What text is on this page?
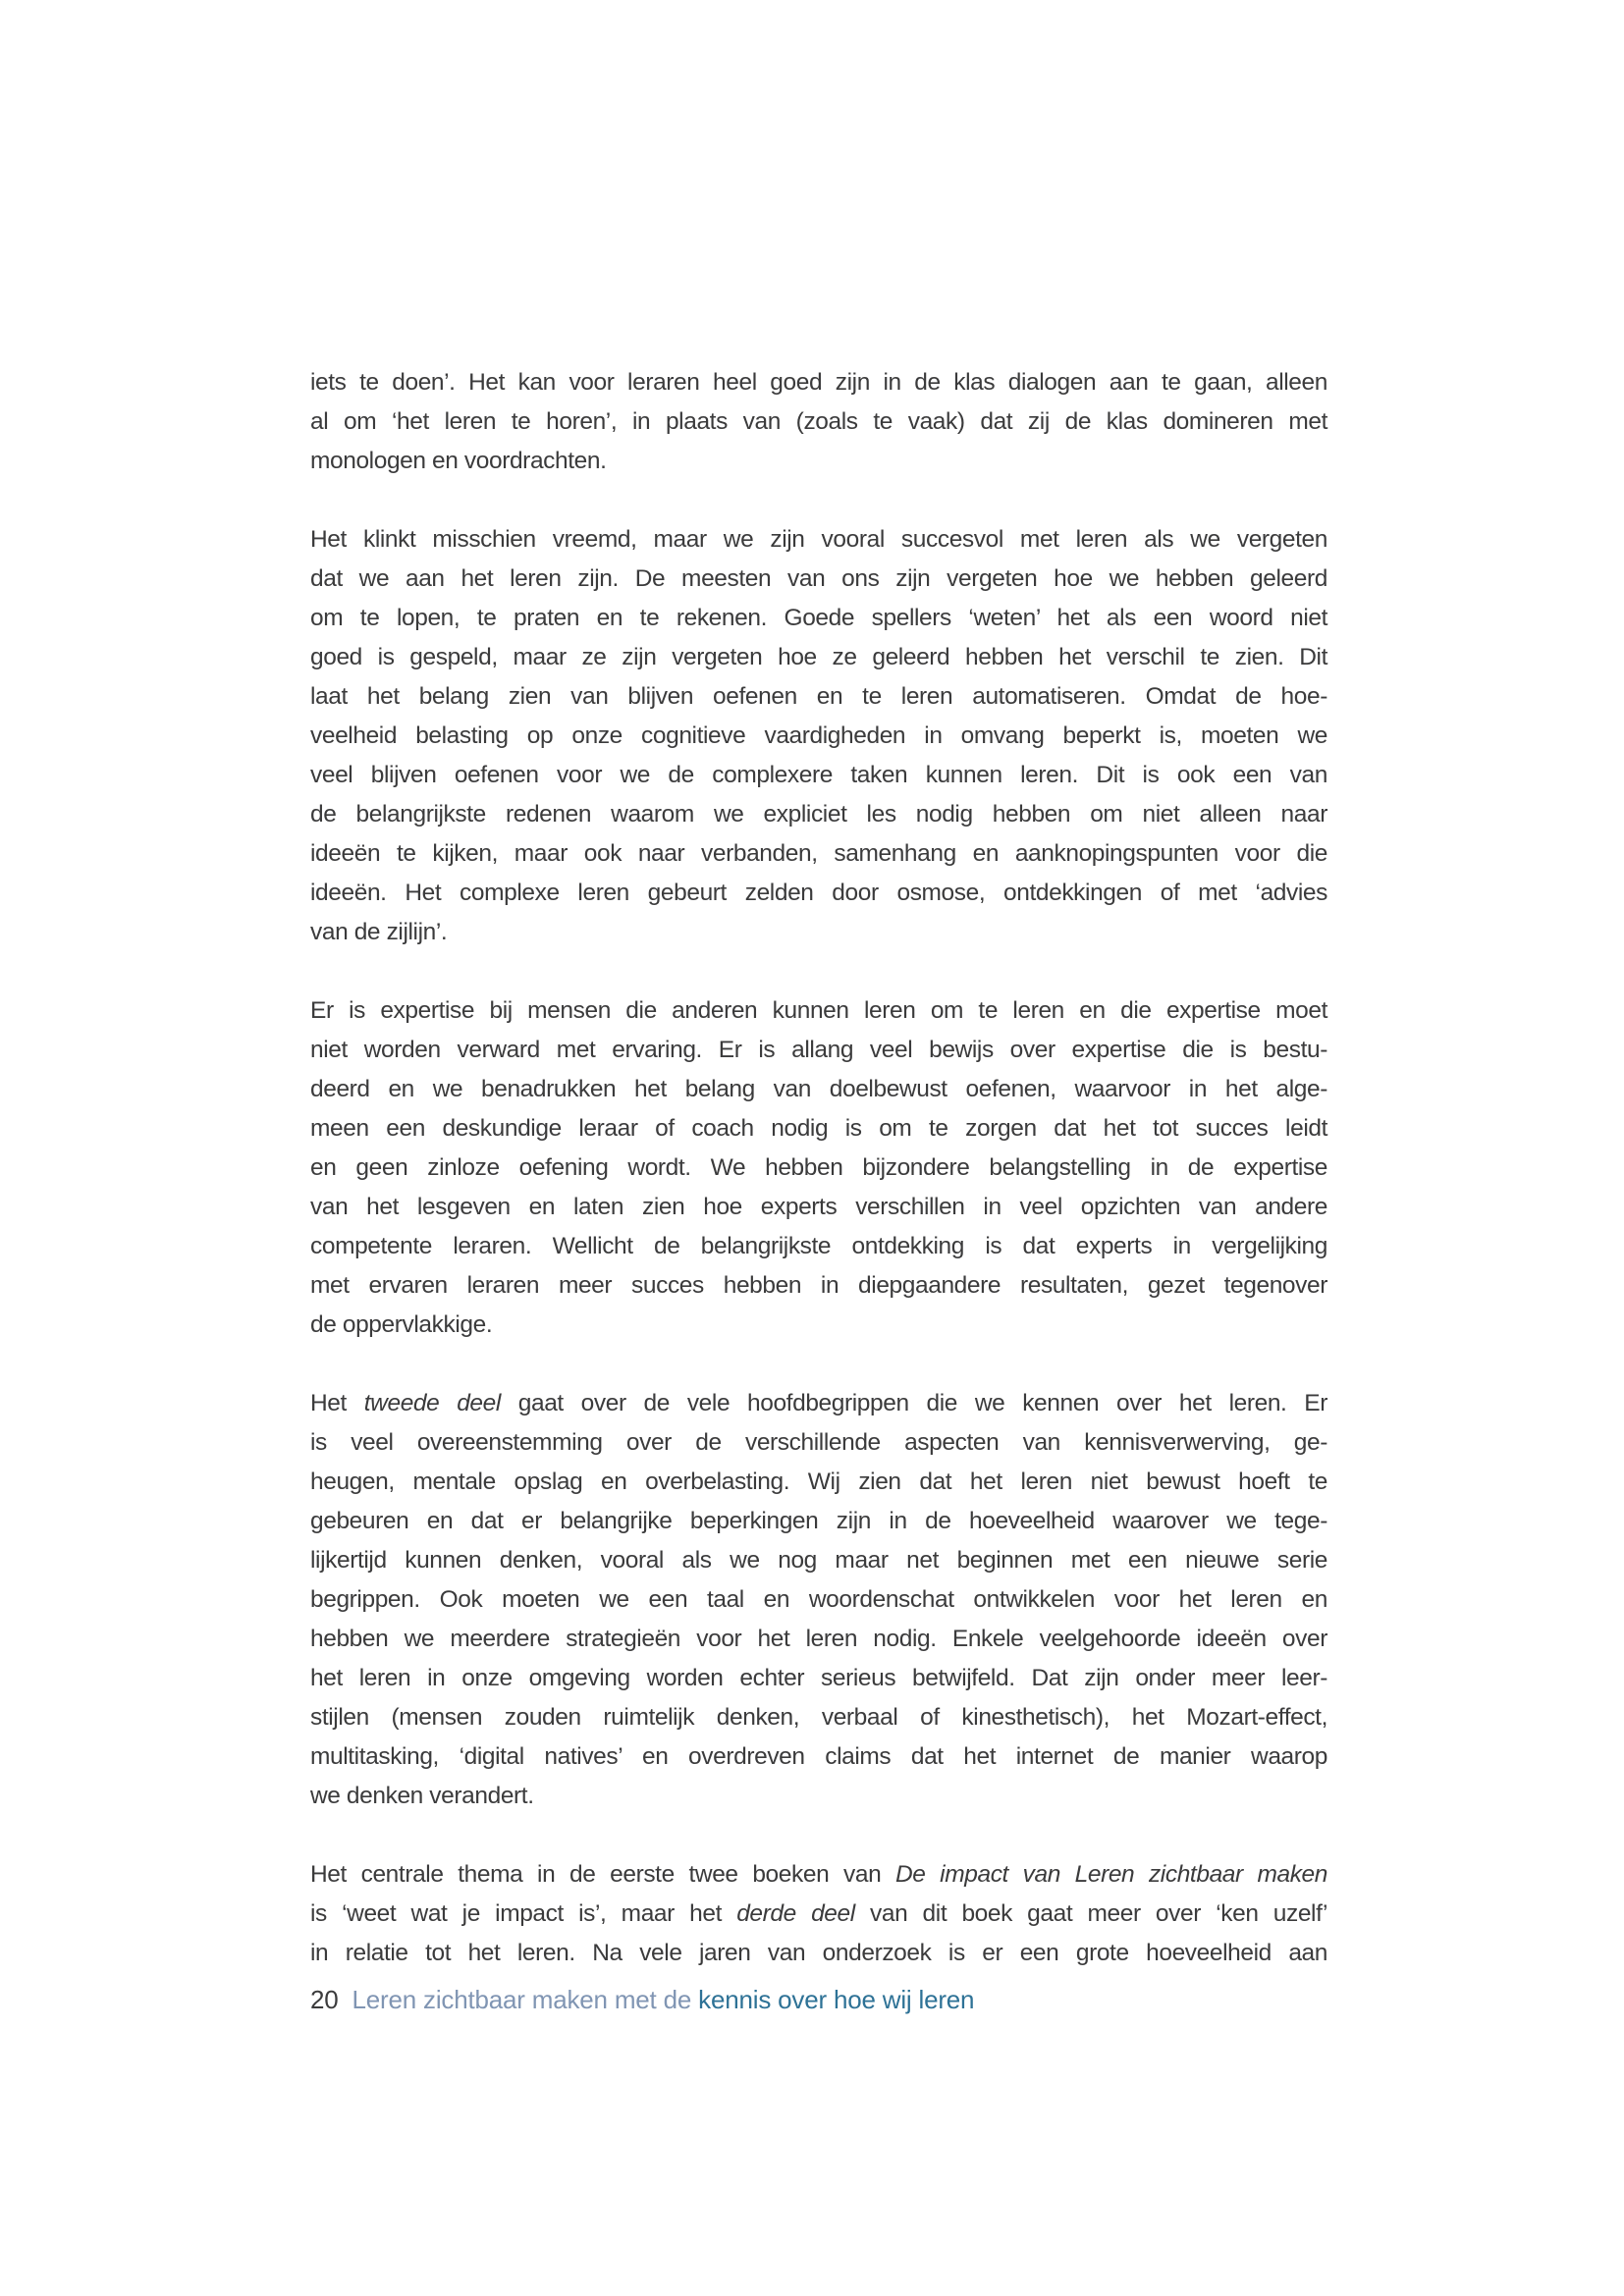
iets te doen’. Het kan voor leraren heel goed zijn in de klas dialogen aan te gaan, alleen
al om ‘het leren te horen’, in plaats van (zoals te vaak) dat zij de klas domineren met
monologen en voordrachten.
Het klinkt misschien vreemd, maar we zijn vooral succesvol met leren als we vergeten
dat we aan het leren zijn. De meesten van ons zijn vergeten hoe we hebben geleerd
om te lopen, te praten en te rekenen. Goede spellers ‘weten’ het als een woord niet
goed is gespeld, maar ze zijn vergeten hoe ze geleerd hebben het verschil te zien. Dit
laat het belang zien van blijven oefenen en te leren automatiseren. Omdat de hoe-
veelheid belasting op onze cognitieve vaardigheden in omvang beperkt is, moeten we
veel blijven oefenen voor we de complexere taken kunnen leren. Dit is ook een van
de belangrijkste redenen waarom we expliciet les nodig hebben om niet alleen naar
ideeën te kijken, maar ook naar verbanden, samenhang en aanknopingspunten voor die
ideeën. Het complexe leren gebeurt zelden door osmose, ontdekkingen of met ‘advies
van de zijlijn’.
Er is expertise bij mensen die anderen kunnen leren om te leren en die expertise moet
niet worden verward met ervaring. Er is allang veel bewijs over expertise die is bestu-
deerd en we benadrukken het belang van doelbewust oefenen, waarvoor in het alge-
meen een deskundige leraar of coach nodig is om te zorgen dat het tot succes leidt
en geen zinloze oefening wordt. We hebben bijzondere belangstelling in de expertise
van het lesgeven en laten zien hoe experts verschillen in veel opzichten van andere
competente leraren. Wellicht de belangrijkste ontdekking is dat experts in vergelijking
met ervaren leraren meer succes hebben in diepgaandere resultaten, gezet tegenover
de oppervlakkige.
Het tweede deel gaat over de vele hoofdbegrippen die we kennen over het leren. Er
is veel overeenstemming over de verschillende aspecten van kennisverwerving, ge-
heugen, mentale opslag en overbelasting. Wij zien dat het leren niet bewust hoeft te
gebeuren en dat er belangrijke beperkingen zijn in de hoeveelheid waarover we tege-
lijkertijd kunnen denken, vooral als we nog maar net beginnen met een nieuwe serie
begrippen. Ook moeten we een taal en woordenschat ontwikkelen voor het leren en
hebben we meerdere strategieën voor het leren nodig. Enkele veelgehoorde ideeën over
het leren in onze omgeving worden echter serieus betwijfeld. Dat zijn onder meer leer-
stijlen (mensen zouden ruimtelijk denken, verbaal of kinesthetisch), het Mozart-effect,
multitasking, ‘digital natives’ en overdreven claims dat het internet de manier waarop
we denken verandert.
Het centrale thema in de eerste twee boeken van De impact van Leren zichtbaar maken
is ‘weet wat je impact is’, maar het derde deel van dit boek gaat meer over ‘ken uzelf’
in relatie tot het leren. Na vele jaren van onderzoek is er een grote hoeveelheid aan
20 Leren zichtbaar maken met de kennis over hoe wij leren
